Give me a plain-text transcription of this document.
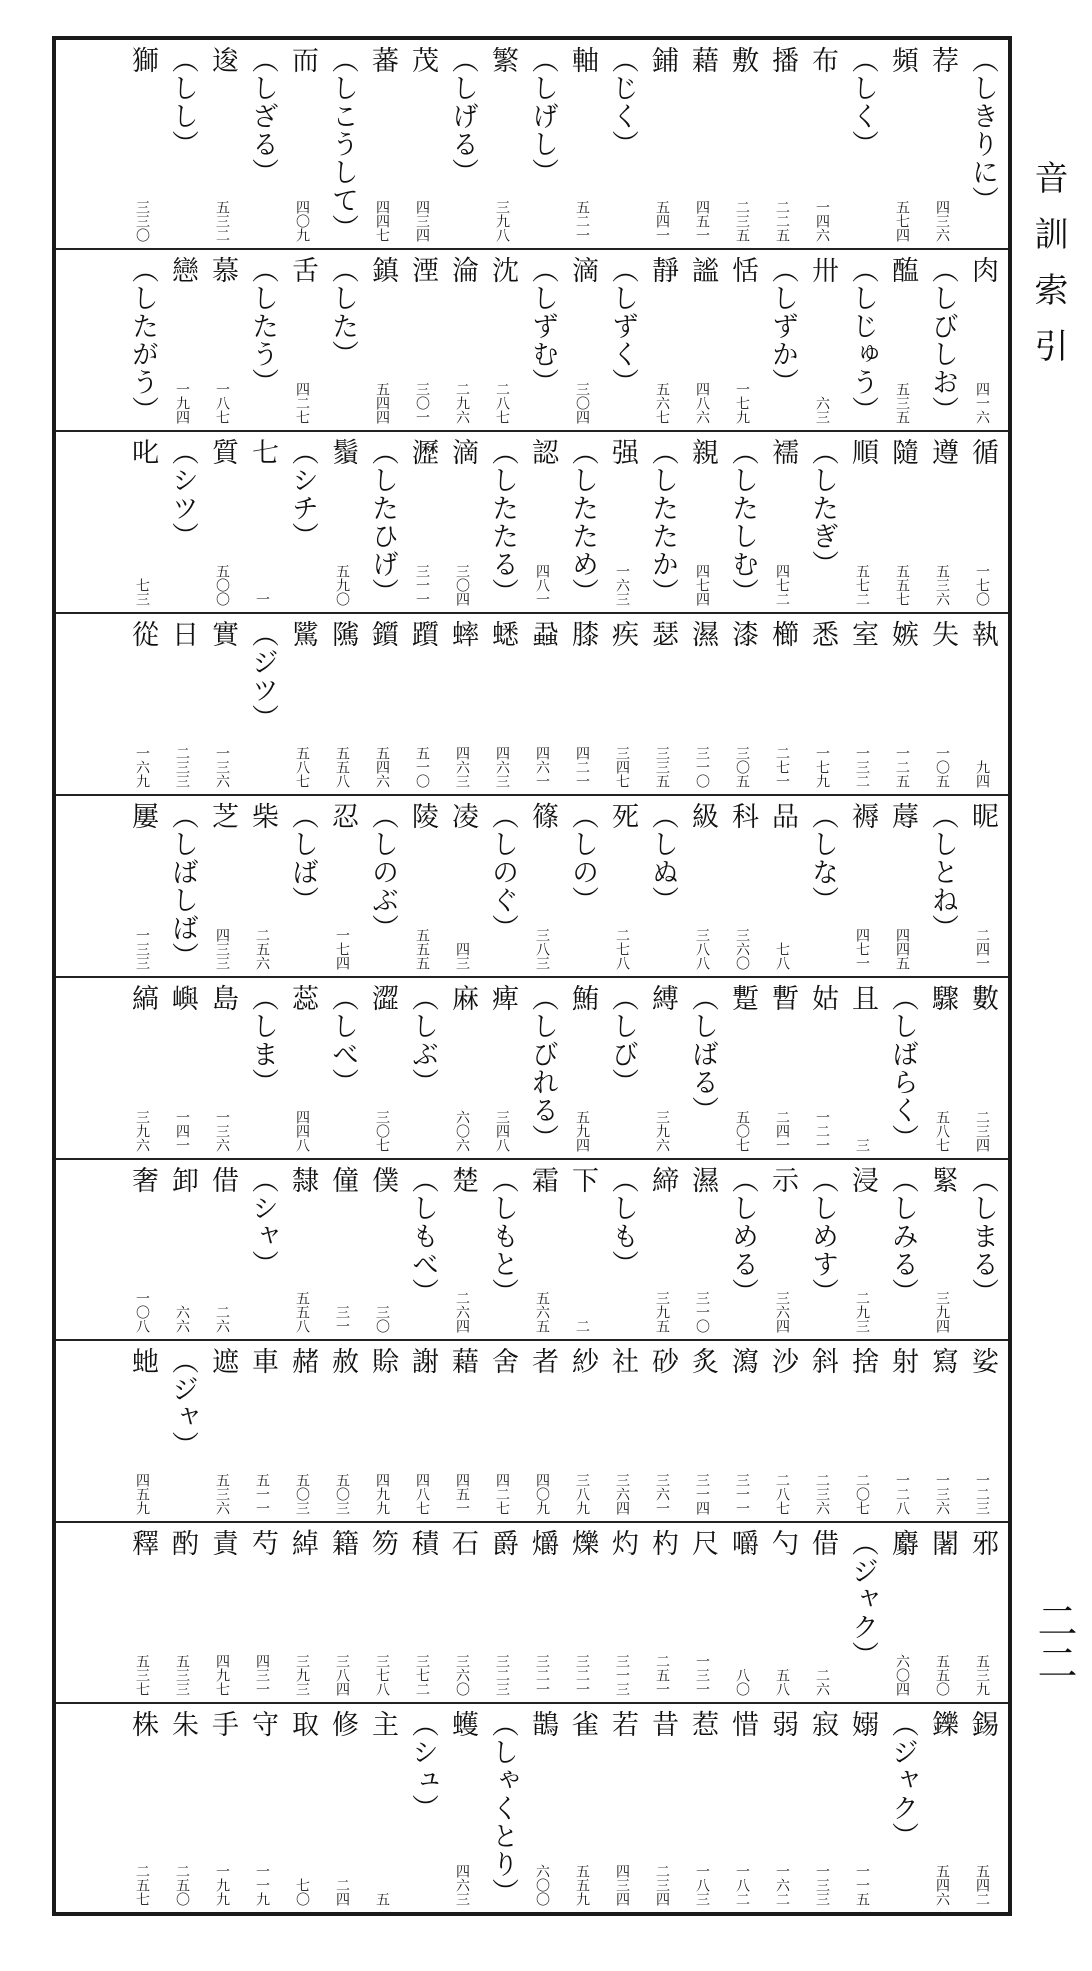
（しきりに）
荐
四三六
頻
五七四
（しく）
布
一四六
播
二二五
敷
二三五
藉
四五一
鋪
五四一
（じく）
軸
五二一
（しげし）
繁
三九八
（しげる）
茂
四三四
蕃
四四七
（しこうして）
而
四〇九
（しざる）
逡
五三二
（しし）
獅
三三〇
肉
四一六
（しびしお）
醢
五三五
（しじゅう）
卅
六三
（しずか）
恬
一七九
謐
四八六
靜
五六七
（しずく）
滴
三〇四
（しずむ）
沈
二八七
淪
二九六
湮
三〇一
鎮
五四四
（した）
舌
四二七
（したう）
慕
一八七
戀
一九四
（したがう）
循
一七〇
遵
五三六
隨
五五七
順
五七二
（したぎ）
襦
四七二
（したしむ）
親
四七四
（したたか）
强
一六三
（したため）
認
四八一
（したたる）
滴
三〇四
瀝
三一一
（したひげ）
鬚
五九〇
（シチ）
七
一
質
五〇〇
（シツ）
叱
七三
執
九四
失
一〇五
嫉
一二五
室
一三二
悉
一七九
櫛
二七一
漆
三〇五
濕
三一〇
瑟
三三五
疾
三四七
膝
四二一
蝨
四六一
蟋
四六三
蟀
四六三
躓
五一〇
鑕
五四六
隲
五五八
騭
五八七
（ジツ）
實
一三六
日
二三三
從
一六九
昵
二四一
（しとね）
蓐
四四五
褥
四七一
（しな）
品
七八
科
三六〇
級
三八八
（しぬ）
死
二七八
（しの）
篠
三八三
（しのぐ）
凌
四三
陵
五五五
（しのぶ）
忍
一七四
（しば）
柴
二五六
芝
四三三
（しばしば）
屢
一三三
數
二三四
驟
五八七
（しばらく）
且
三
姑
一二一
暫
二四一
蹔
五〇七
（しばる）
縛
三九六
（しび）
鮪
五九四
（しびれる）
痺
三四八
麻
六〇六
（しぶ）
澀
三〇七
（しべ）
蕊
四四八
（しま）
島
一三六
嶼
一四一
縞
三九六
（しまる）
緊
三九四
（しみる）
浸
二九三
（しめす）
示
三六四
（しめる）
濕
三一〇
締
三九五
（しも）
下
二
霜
五六五
（しもと）
楚
二六四
（しもべ）
僕
三〇
僮
三一
隸
五五八
（シャ）
借
二六
卸
六六
奢
一〇八
娑
一二三
寫
一三六
射
一二八
捨
二〇七
斜
二三六
沙
二八七
瀉
三一一
炙
三一四
砂
三六一
社
三六四
紗
三八九
者
四〇九
舍
四二七
藉
四五一
謝
四八七
賒
四九九
赦
五〇三
赭
五〇三
車
五一一
遮
五三六
（ジャ）
虵
四五九
邪
五三九
闍
五五〇
麝
六〇四
（ジャク）
借
二六
勺
五八
嚼
八〇
尺
一三一
杓
二五一
灼
三一三
爍
三二一
爝
三二一
爵
三二三
石
三六〇
積
三七二
笏
三七八
籍
三八四
綽
三九三
芍
四三一
責
四九七
酌
五三三
釋
五三七
錫
五四二
鑠
五四六
（ジャク）
嫋
一一五
寂
一三三
弱
一六二
惜
一八二
惹
一八三
昔
二三四
若
四三四
雀
五五九
鵲
六〇〇
（しゃくとり）
蠖
四六三
（シュ）
主
五
修
二四
取
七〇
守
一一九
手
一九九
朱
二五〇
株
二五七
音訓索引
二二
